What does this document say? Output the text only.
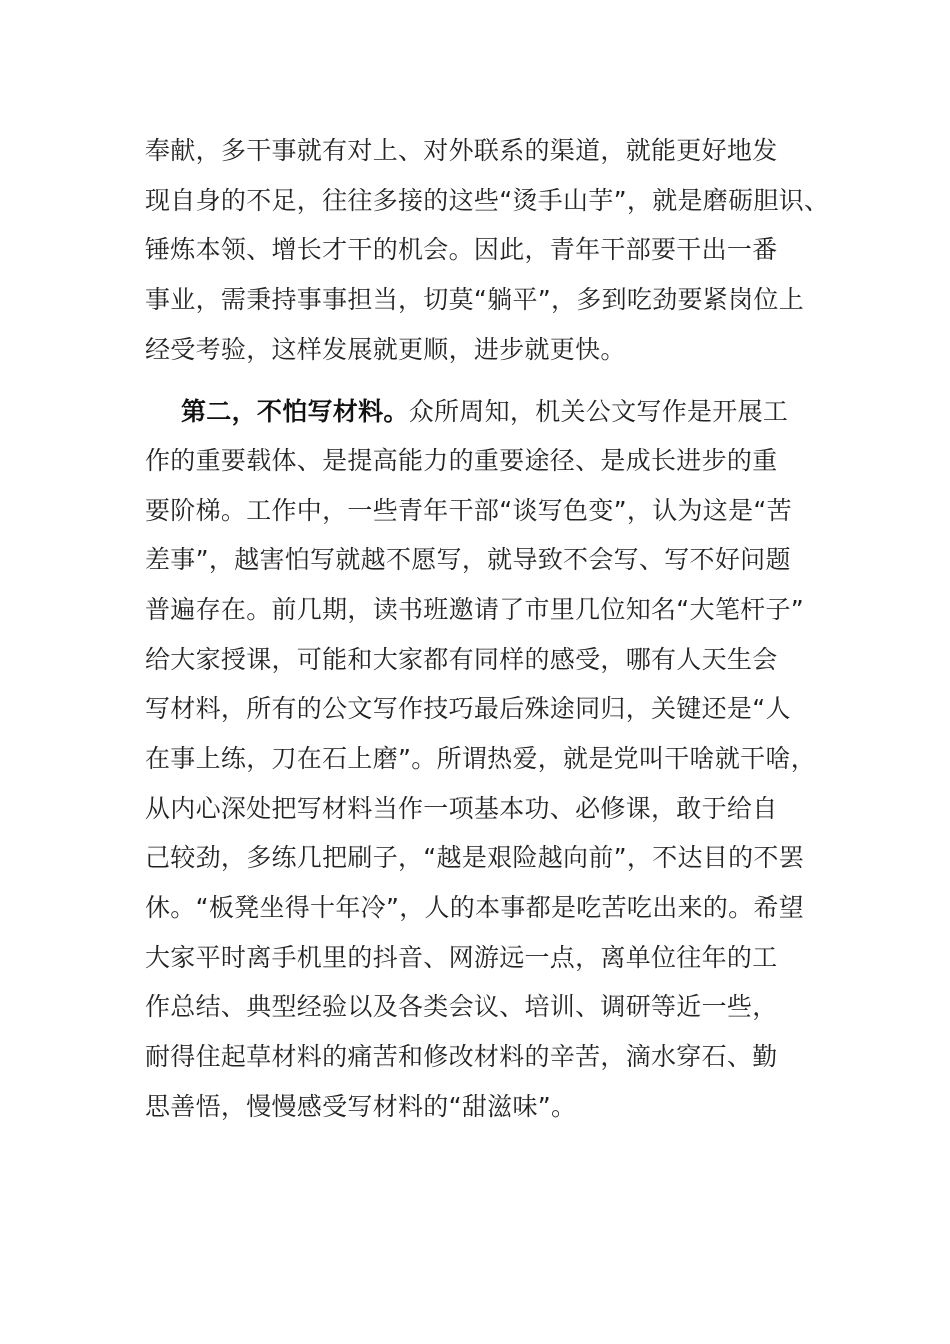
奉献，多干事就有对上、对外联系的渠道，就能更好地发
现自身的不足，往往多接的这些“烫手山芋”，就是磨砺胆识、
锤炼本领、增长才干的机会。因此，青年干部要干出一番
事业，需秉持事事担当，切莫“躺平”，多到吃劲要紧岗位上
经受考验，这样发展就更顺，进步就更快。
第二，不怕写材料。众所周知，机关公文写作是开展工
作的重要载体、是提高能力的重要途径、是成长进步的重
要阶梯。工作中，一些青年干部“谈写色变”，认为这是“苦
差事”，越害怕写就越不愿写，就导致不会写、写不好问题
普遍存在。前几期，读书班邀请了市里几位知名“大笔杆子”
给大家授课，可能和大家都有同样的感受，哪有人天生会
写材料，所有的公文写作技巧最后殊途同归，关键还是“人
在事上练，刀在石上磨”。所谓热爱，就是党叫干啥就干啥，
从内心深处把写材料当作一项基本功、必修课，敢于给自
己较劲，多练几把刷子，“越是艰险越向前”，不达目的不罢
休。“板凳坐得十年冷”，人的本事都是吃苦吃出来的。希望
大家平时离手机里的抖音、网游远一点，离单位往年的工
作总结、典型经验以及各类会议、培训、调研等近一些，
耐得住起草材料的痛苦和修改材料的辛苦，滴水穿石、勤
思善悟，慢慢感受写材料的“甜滋味”。
